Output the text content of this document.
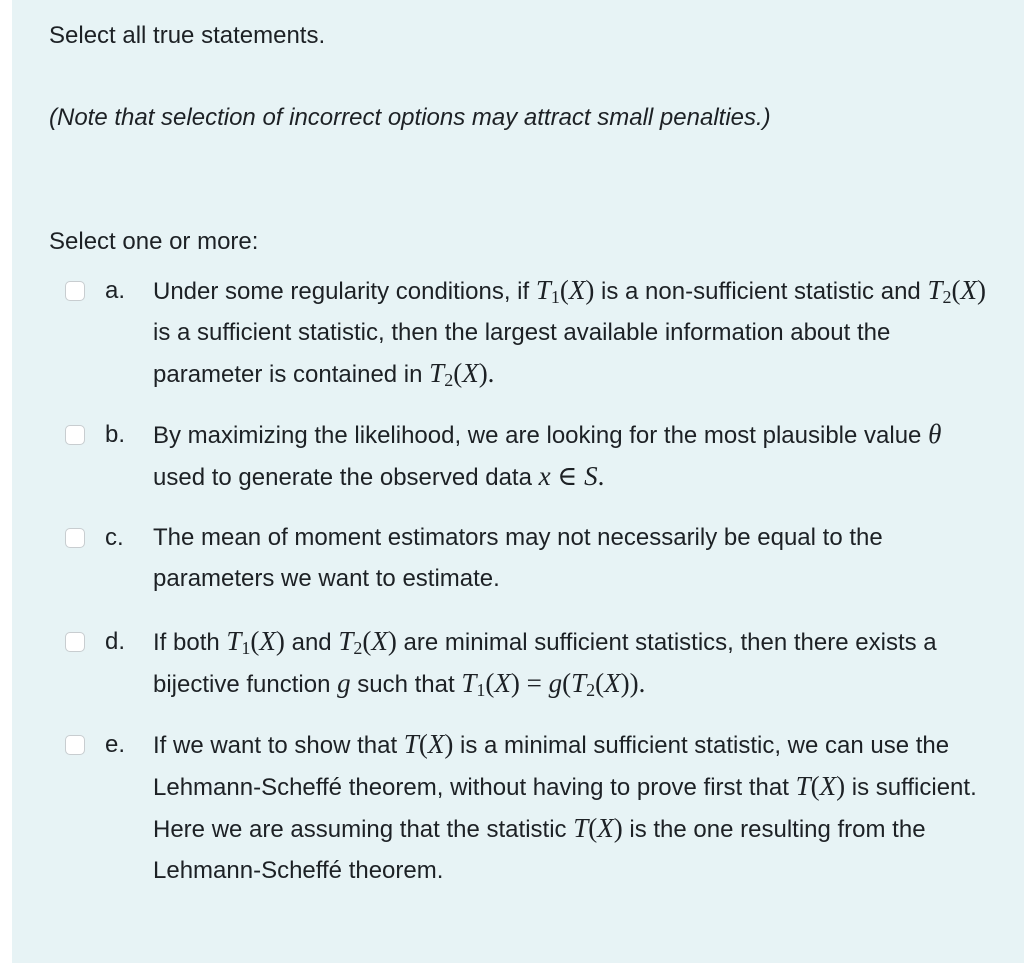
Select all true statements.
(Note that selection of incorrect options may attract small penalties.)
Select one or more:
a. Under some regularity conditions, if $T_1(X)$ is a non-sufficient statistic and $T_2(X)$ is a sufficient statistic, then the largest available information about the parameter is contained in $T_2(X)$.
b. By maximizing the likelihood, we are looking for the most plausible value θ used to generate the observed data x ∈ S.
c. The mean of moment estimators may not necessarily be equal to the parameters we want to estimate.
d. If both $T_1(X)$ and $T_2(X)$ are minimal sufficient statistics, then there exists a bijective function g such that $T_1(X) = g(T_2(X))$.
e. If we want to show that T(X) is a minimal sufficient statistic, we can use the Lehmann-Scheffé theorem, without having to prove first that T(X) is sufficient. Here we are assuming that the statistic T(X) is the one resulting from the Lehmann-Scheffé theorem.
